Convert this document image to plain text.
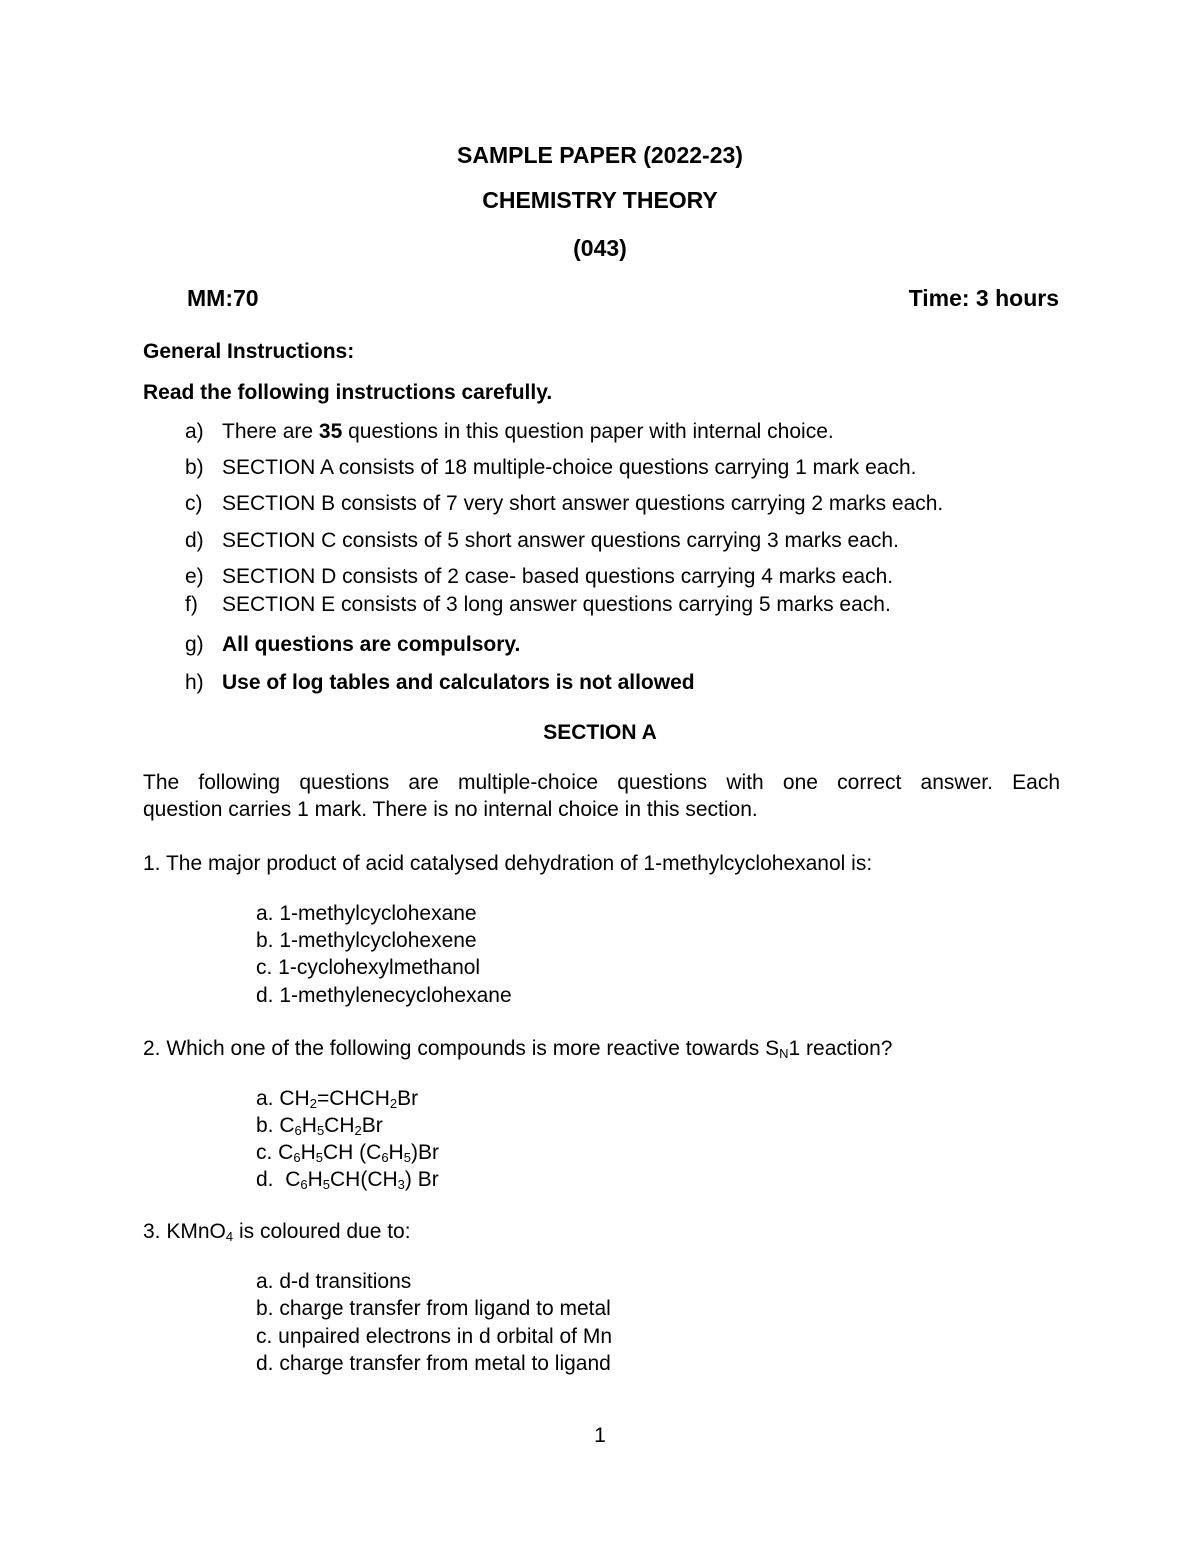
SAMPLE PAPER (2022-23)
CHEMISTRY THEORY
(043)
MM:70	Time: 3 hours
General Instructions:
Read the following instructions carefully.
a) There are 35 questions in this question paper with internal choice.
b) SECTION A consists of 18 multiple-choice questions carrying 1 mark each.
c) SECTION B consists of 7 very short answer questions carrying 2 marks each.
d) SECTION C consists of 5 short answer questions carrying 3 marks each.
e) SECTION D consists of 2 case- based questions carrying 4 marks each.
f) SECTION E consists of 3 long answer questions carrying 5 marks each.
g) All questions are compulsory.
h) Use of log tables and calculators is not allowed
SECTION A
The following questions are multiple-choice questions with one correct answer. Each
question carries 1 mark. There is no internal choice in this section.
1. The major product of acid catalysed dehydration of 1-methylcyclohexanol is:
a. 1-methylcyclohexane
b. 1-methylcyclohexene
c. 1-cyclohexylmethanol
d. 1-methylenecyclohexane
2. Which one of the following compounds is more reactive towards $S_N1$ reaction?
a. $CH_2=CHCH_2Br$
b. $C_6H_5CH_2Br$
c. $C_6H_5CH$ $(C_6H_5)Br$
d.  $C_6H_5CH(CH_3)$ Br
3. KMnO$_4$ is coloured due to:
a. d-d transitions
b. charge transfer from ligand to metal
c. unpaired electrons in d orbital of Mn
d. charge transfer from metal to ligand
1
